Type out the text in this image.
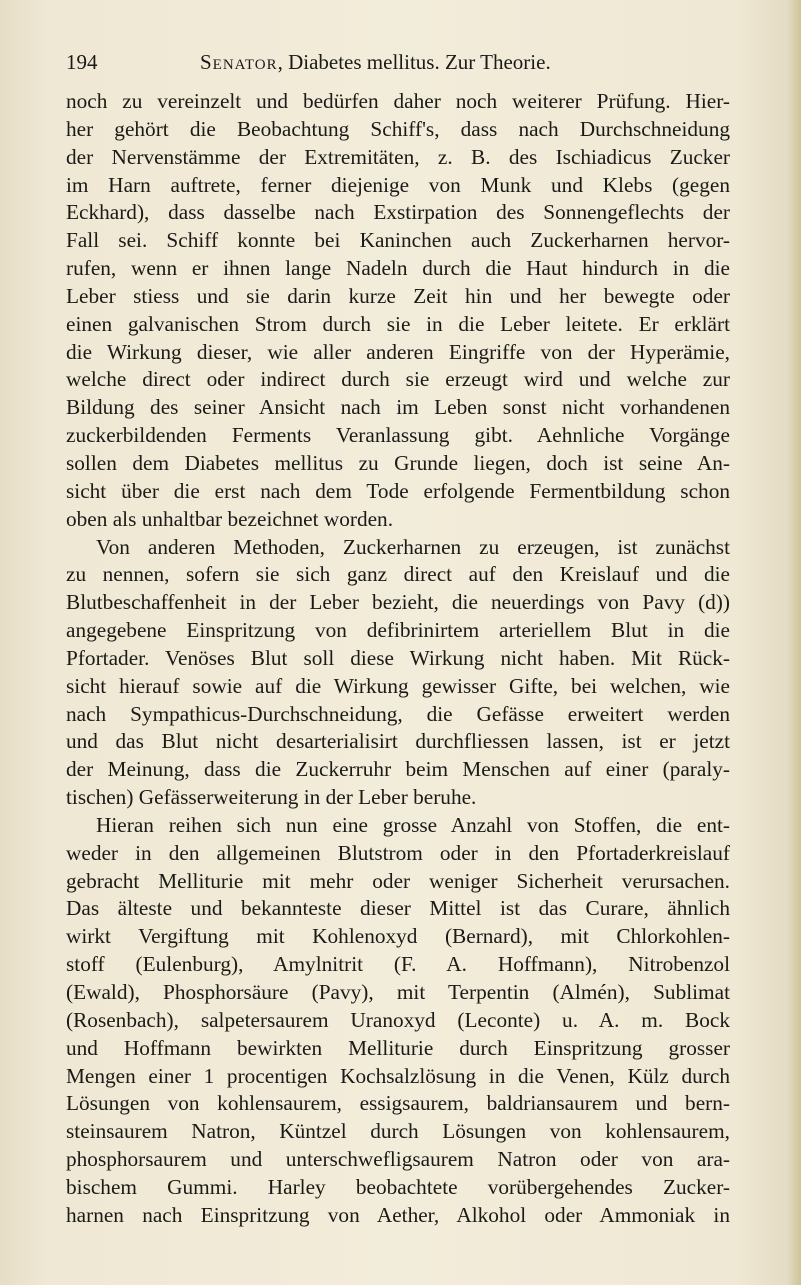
194	Senator, Diabetes mellitus. Zur Theorie.
noch zu vereinzelt und bedürfen daher noch weiterer Prüfung. Hier-
her gehört die Beobachtung Schiff's, dass nach Durchschneidung
der Nervenstämme der Extremitäten, z. B. des Ischiadicus Zucker
im Harn auftrete, ferner diejenige von Munk und Klebs (gegen
Eckhard), dass dasselbe nach Exstirpation des Sonnengeflechts der
Fall sei. Schiff konnte bei Kaninchen auch Zuckerharnen hervor-
rufen, wenn er ihnen lange Nadeln durch die Haut hindurch in die
Leber stiess und sie darin kurze Zeit hin und her bewegte oder
einen galvanischen Strom durch sie in die Leber leitete. Er erklärt
die Wirkung dieser, wie aller anderen Eingriffe von der Hyperämie,
welche direct oder indirect durch sie erzeugt wird und welche zur
Bildung des seiner Ansicht nach im Leben sonst nicht vorhandenen
zuckerbildenden Ferments Veranlassung gibt. Aehnliche Vorgänge
sollen dem Diabetes mellitus zu Grunde liegen, doch ist seine An-
sicht über die erst nach dem Tode erfolgende Fermentbildung schon
oben als unhaltbar bezeichnet worden.
Von anderen Methoden, Zuckerharnen zu erzeugen, ist zunächst
zu nennen, sofern sie sich ganz direct auf den Kreislauf und die
Blutbeschaffenheit in der Leber bezieht, die neuerdings von Pavy (d))
angegebene Einspritzung von defibrinirtem arteriellem Blut in die
Pfortader. Venöses Blut soll diese Wirkung nicht haben. Mit Rück-
sicht hierauf sowie auf die Wirkung gewisser Gifte, bei welchen, wie
nach Sympathicus-Durchschneidung, die Gefässe erweitert werden
und das Blut nicht desarterialisirt durchfliessen lassen, ist er jetzt
der Meinung, dass die Zuckerruhr beim Menschen auf einer (paraly-
tischen) Gefässerweiterung in der Leber beruhe.
Hieran reihen sich nun eine grosse Anzahl von Stoffen, die ent-
weder in den allgemeinen Blutstrom oder in den Pfortaderkreislauf
gebracht Melliturie mit mehr oder weniger Sicherheit verursachen.
Das älteste und bekannteste dieser Mittel ist das Curare, ähnlich
wirkt Vergiftung mit Kohlenoxyd (Bernard), mit Chlorkohlen-
stoff (Eulenburg), Amylnitrit (F. A. Hoffmann), Nitrobenzol
(Ewald), Phosphorsäure (Pavy), mit Terpentin (Almén), Sublimat
(Rosenbach), salpetersaurem Uranoxyd (Leconte) u. A. m. Bock
und Hoffmann bewirkten Melliturie durch Einspritzung grosser
Mengen einer 1 procentigen Kochsalzlösung in die Venen, Külz durch
Lösungen von kohlensaurem, essigsaurem, baldriansaurem und bern-
steinsaurem Natron, Küntzel durch Lösungen von kohlensaurem,
phosphorsaurem und unterschwefligsaurem Natron oder von ara-
bischem Gummi. Harley beobachtete vorübergehendes Zucker-
harnen nach Einspritzung von Aether, Alkohol oder Ammoniak in
